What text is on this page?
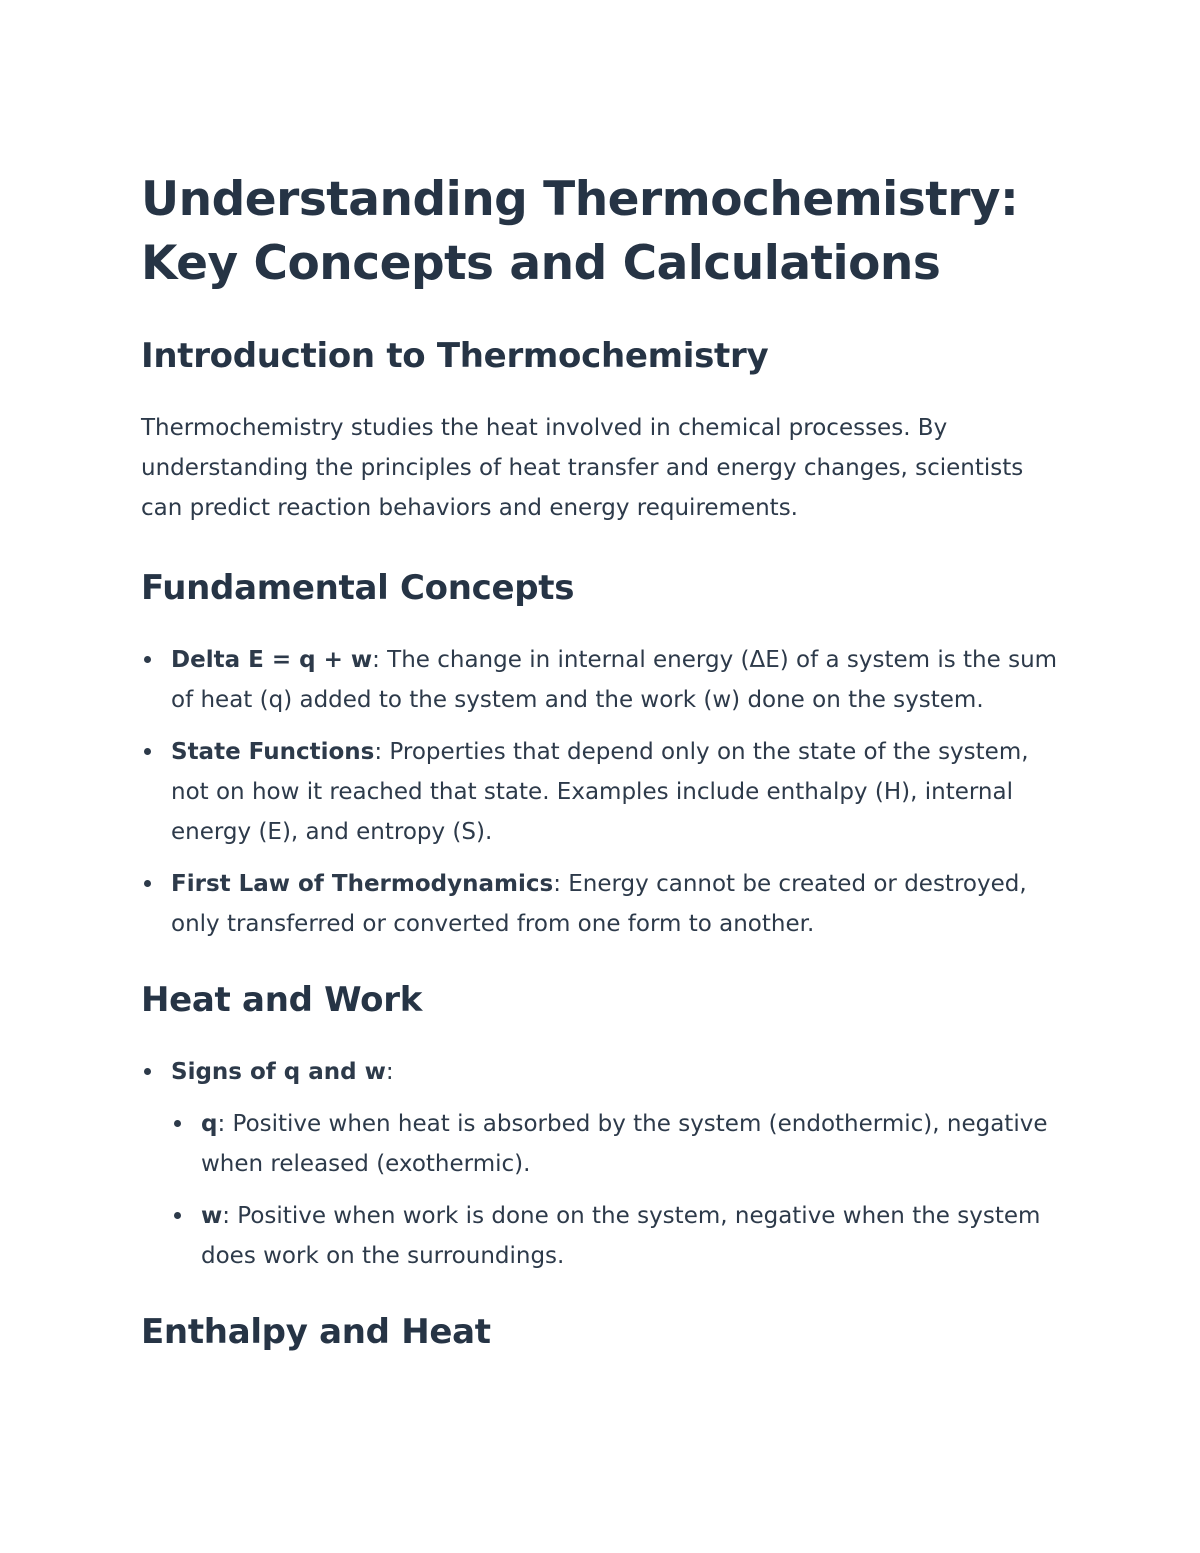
Understanding Thermochemistry: Key Concepts and Calculations
Introduction to Thermochemistry

Thermochemistry studies the heat involved in chemical processes. By understanding the principles of heat transfer and energy changes, scientists can predict reaction behaviors and energy requirements.

Fundamental Concepts
Delta E = q + w: The change in internal energy (ΔE) of a system is the sum of heat (q) added to the system and the work (w) done on the system.
State Functions: Properties that depend only on the state of the system, not on how it reached that state. Examples include enthalpy (H), internal energy (E), and entropy (S).
First Law of Thermodynamics: Energy cannot be created or destroyed, only transferred or converted from one form to another.
Heat and Work
Signs of q and w:
q: Positive when heat is absorbed by the system (endothermic), negative when released (exothermic).
w: Positive when work is done on the system, negative when the system does work on the surroundings.
Enthalpy and Heat
